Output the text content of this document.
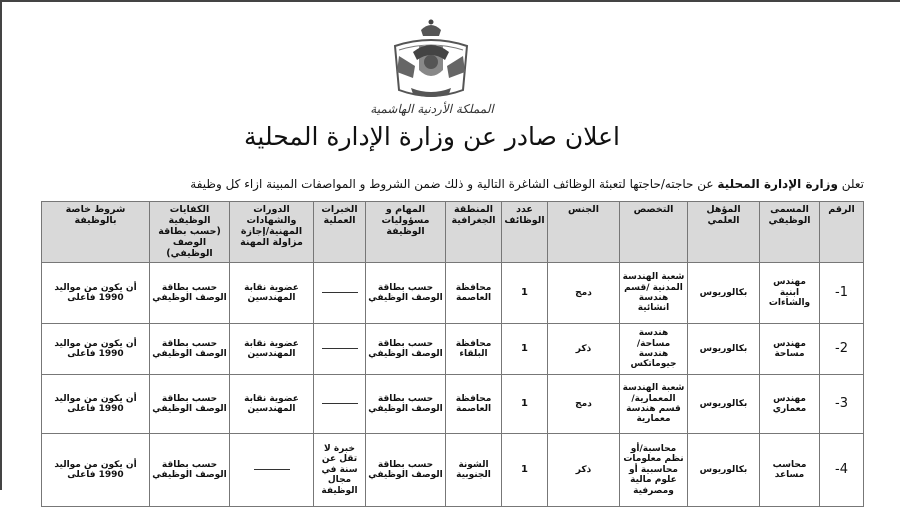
المملكة الأردنية الهاشمية
اعلان صادر عن وزارة الإدارة المحلية
تعلن وزارة الإدارة المحلية عن حاجته/حاجتها لتعبئة الوظائف الشاغرة التالية و ذلك ضمن الشروط و المواصفات المبينة ازاء كل وظيفة
الرقم	المسمى الوظيفي	المؤهل العلمي	التخصص	الجنس	عدد الوظائف	المنطقة الجغرافية	المهام و مسؤوليات الوظيفة	الخبرات العملية	الدورات والشهادات المهنية/إجازة مزاولة المهنة	الكفايات الوظيفية (حسب بطاقة الوصف الوظيفي)	شروط خاصة بالوظيفة
1-	مهندس ابنية والشاءات	بكالوريوس	شعبة الهندسة المدنية /قسم هندسة انشائية	دمج	1	محافظة العاصمة	حسب بطاقة الوصف الوظيفي		عضوية نقابة المهندسين	حسب بطاقة الوصف الوظيفي	أن يكون من مواليد 1990 فاعلى
2-	مهندس مساحة	بكالوريوس	هندسة مساحة/ هندسة جيوماتكس	ذكر	1	محافظة البلقاء	حسب بطاقة الوصف الوظيفي		عضوية نقابة المهندسين	حسب بطاقة الوصف الوظيفي	أن يكون من مواليد 1990 فاعلى
3-	مهندس معماري	بكالوريوس	شعبة الهندسة المعمارية/ قسم هندسة معمارية	دمج	1	محافظة العاصمة	حسب بطاقة الوصف الوظيفي		عضوية نقابة المهندسين	حسب بطاقة الوصف الوظيفي	أن يكون من مواليد 1990 فاعلى
4-	محاسب مساعد	بكالوريوس	محاسبة/أو نظم معلومات محاسبية أو علوم مالية ومصرفية	ذكر	1	الشونة الجنوبية	حسب بطاقة الوصف الوظيفي	خبرة لا تقل عن سنة في مجال الوظيفة		حسب بطاقة الوصف الوظيفي	أن يكون من مواليد 1990 فاعلى
